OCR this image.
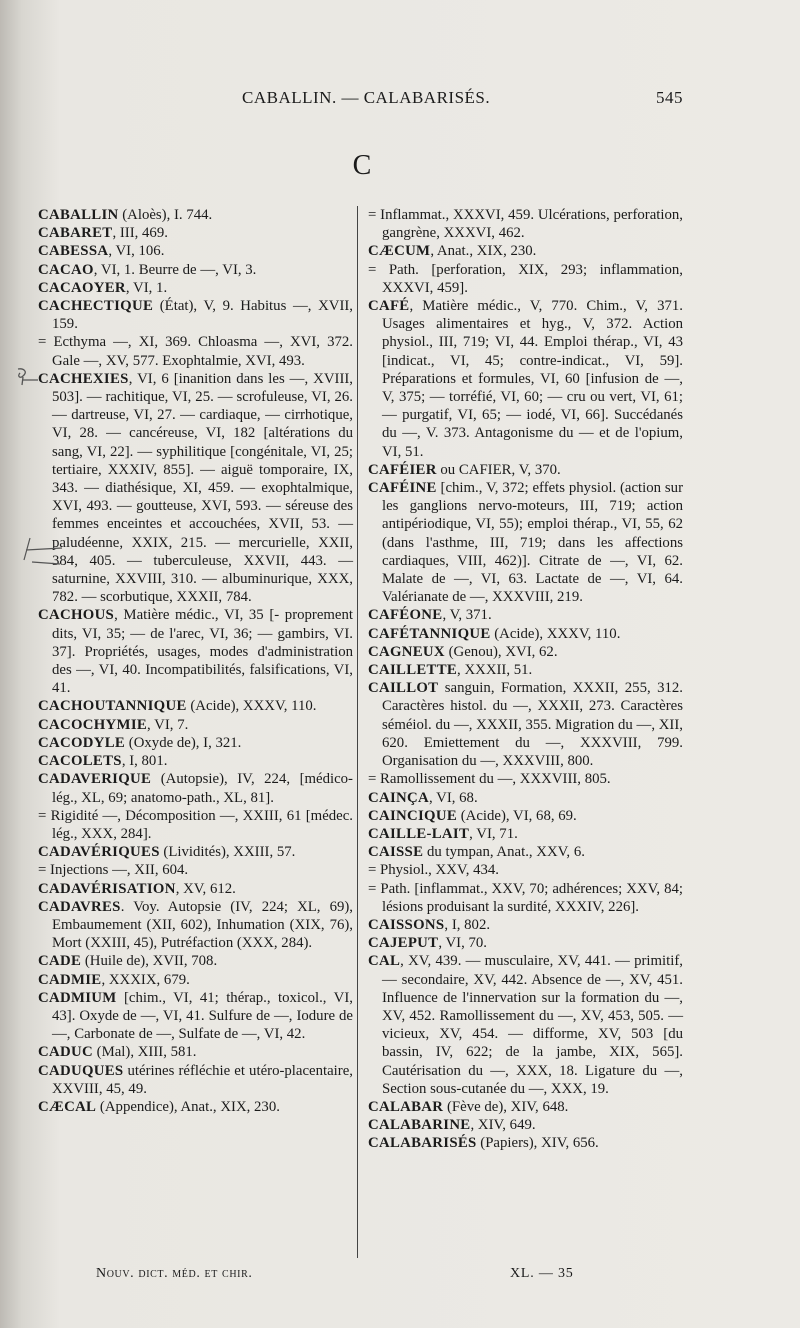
CABALLIN. — CALABARISÉS.	545
C

CABALLIN (Aloès), I. 744.

CABARET, III, 469.

CABESSA, VI, 106.

CACAO, VI, 1. Beurre de —, VI, 3.

CACAOYER, VI, 1.

CACHECTIQUE (État), V, 9. Habitus —, XVII, 159.

= Ecthyma —, XI, 369. Chloasma —, XVI, 372. Gale —, XV, 577. Exophtalmie, XVI, 493.

CACHEXIES, VI, 6 [inanition dans les —, XVIII, 503]. — rachitique, VI, 25. — scrofuleuse, VI, 26. — dartreuse, VI, 27. — cardiaque, — cirrhotique, VI, 28. — cancéreuse, VI, 182 [altérations du sang, VI, 22]. — syphilitique [congénitale, VI, 25; tertiaire, XXXIV, 855]. — aiguë tomporaire, IX, 343. — diathésique, XI, 459. — exophtalmique, XVI, 493. — goutteuse, XVI, 593. — séreuse des femmes enceintes et accouchées, XVII, 53. — paludéenne, XXIX, 215. — mercurielle, XXII, 384, 405. — tuberculeuse, XXVII, 443. — saturnine, XXVIII, 310. — albuminurique, XXX, 782. — scorbutique, XXXII, 784.

CACHOUS, Matière médic., VI, 35 [- proprement dits, VI, 35; — de l'arec, VI, 36; — gambirs, VI. 37]. Propriétés, usages, modes d'administration des —, VI, 40. Incompatibilités, falsifications, VI, 41.

CACHOUTANNIQUE (Acide), XXXV, 110.

CACOCHYMIE, VI, 7.

CACODYLE (Oxyde de), I, 321.

CACOLETS, I, 801.

CADAVERIQUE (Autopsie), IV, 224, [médico-lég., XL, 69; anatomo-path., XL, 81].

= Rigidité —, Décomposition —, XXIII, 61 [médec. lég., XXX, 284].

CADAVÉRIQUES (Lividités), XXIII, 57.

= Injections —, XII, 604.

CADAVÉRISATION, XV, 612.

CADAVRES. Voy. Autopsie (IV, 224; XL, 69), Embaumement (XII, 602), Inhumation (XIX, 76), Mort (XXIII, 45), Putréfaction (XXX, 284).

CADE (Huile de), XVII, 708.

CADMIE, XXXIX, 679.

CADMIUM [chim., VI, 41; thérap., toxicol., VI, 43]. Oxyde de —, VI, 41. Sulfure de —, Iodure de —, Carbonate de —, Sulfate de —, VI, 42.

CADUC (Mal), XIII, 581.

CADUQUES utérines réfléchie et utéro-placentaire, XXVIII, 45, 49.

CÆCAL (Appendice), Anat., XIX, 230.

= Inflammat., XXXVI, 459. Ulcérations, perforation, gangrène, XXXVI, 462.

CÆCUM, Anat., XIX, 230.

= Path. [perforation, XIX, 293; inflammation, XXXVI, 459].

CAFÉ, Matière médic., V, 770. Chim., V, 371. Usages alimentaires et hyg., V, 372. Action physiol., III, 719; VI, 44. Emploi thérap., VI, 43 [indicat., VI, 45; contre-indicat., VI, 59]. Préparations et formules, VI, 60 [infusion de —, V, 375; — torréfié, VI, 60; — cru ou vert, VI, 61; — purgatif, VI, 65; — iodé, VI, 66]. Succédanés du —, V. 373. Antagonisme du — et de l'opium, VI, 51.

CAFÉIER ou CAFIER, V, 370.

CAFÉINE [chim., V, 372; effets physiol. (action sur les ganglions nervo-moteurs, III, 719; action antipériodique, VI, 55); emploi thérap., VI, 55, 62 (dans l'asthme, III, 719; dans les affections cardiaques, VIII, 462)]. Citrate de —, VI, 62. Malate de —, VI, 63. Lactate de —, VI, 64. Valérianate de —, XXXVIII, 219.

CAFÉONE, V, 371.

CAFÉTANNIQUE (Acide), XXXV, 110.

CAGNEUX (Genou), XVI, 62.

CAILLETTE, XXXII, 51.

CAILLOT sanguin, Formation, XXXII, 255, 312. Caractères histol. du —, XXXII, 273. Caractères séméiol. du —, XXXII, 355. Migration du —, XII, 620. Emiettement du —, XXXVIII, 799. Organisation du —, XXXVIII, 800.

= Ramollissement du —, XXXVIII, 805.

CAINÇA, VI, 68.

CAINCIQUE (Acide), VI, 68, 69.

CAILLE-LAIT, VI, 71.

CAISSE du tympan, Anat., XXV, 6.

= Physiol., XXV, 434.

= Path. [inflammat., XXV, 70; adhérences; XXV, 84; lésions produisant la surdité, XXXIV, 226].

CAISSONS, I, 802.

CAJEPUT, VI, 70.

CAL, XV, 439. — musculaire, XV, 441. — primitif, — secondaire, XV, 442. Absence de —, XV, 451. Influence de l'innervation sur la formation du —, XV, 452. Ramollissement du —, XV, 453, 505. — vicieux, XV, 454. — difforme, XV, 503 [du bassin, IV, 622; de la jambe, XIX, 565]. Cautérisation du —, XXX, 18. Ligature du —, Section sous-cutanée du —, XXX, 19.

CALABAR (Fève de), XIV, 648.

CALABARINE, XIV, 649.

CALABARISÉS (Papiers), XIV, 656.

Nouv. dict. méd. et chir.	XL. — 35
